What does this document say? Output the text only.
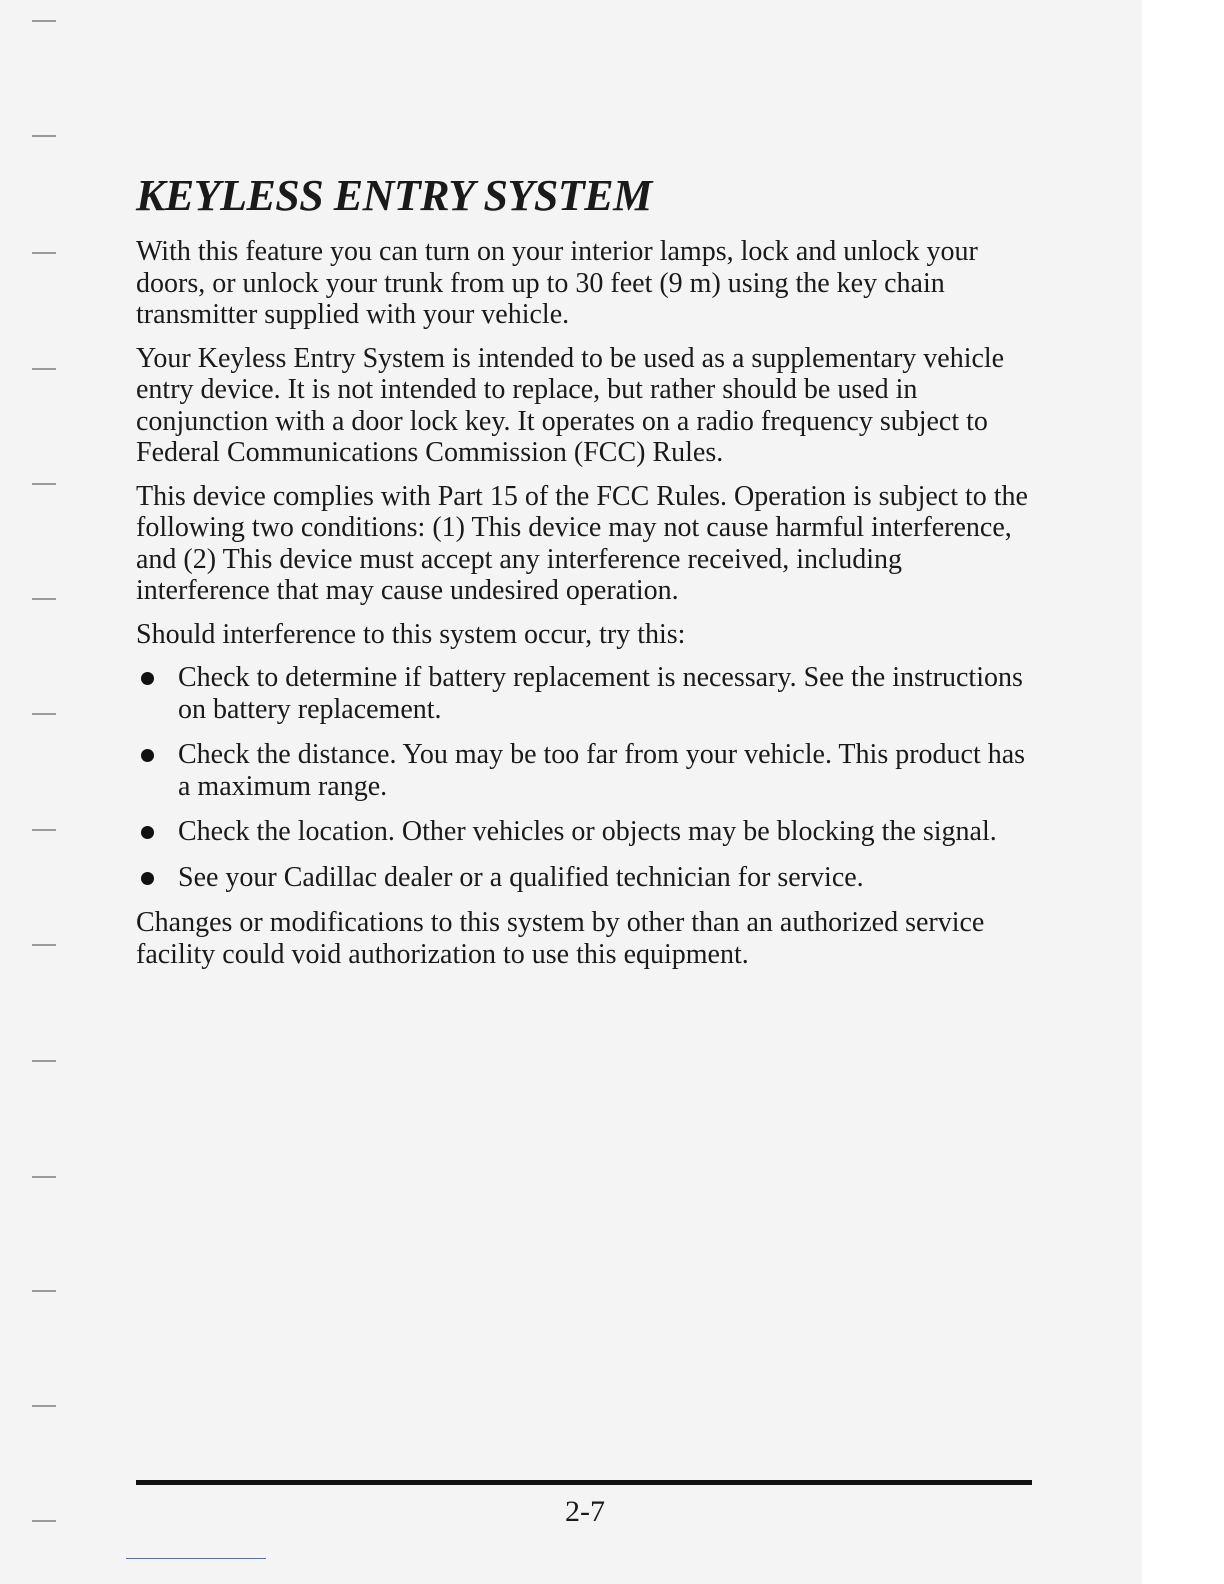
KEYLESS ENTRY SYSTEM

With this feature you can turn on your interior lamps, lock and unlock your doors, or unlock your trunk from up to 30 feet (9 m) using the key chain transmitter supplied with your vehicle.

Your Keyless Entry System is intended to be used as a supplementary vehicle entry device. It is not intended to replace, but rather should be used in conjunction with a door lock key. It operates on a radio frequency subject to Federal Communications Commission (FCC) Rules.

This device complies with Part 15 of the FCC Rules. Operation is subject to the following two conditions: (1) This device may not cause harmful interference, and (2) This device must accept any interference received, including interference that may cause undesired operation.

Should interference to this system occur, try this:

Check to determine if battery replacement is necessary. See the instructions on battery replacement.
Check the distance. You may be too far from your vehicle. This product has a maximum range.
Check the location. Other vehicles or objects may be blocking the signal.
See your Cadillac dealer or a qualified technician for service.

Changes or modifications to this system by other than an authorized service facility could void authorization to use this equipment.

2-7
